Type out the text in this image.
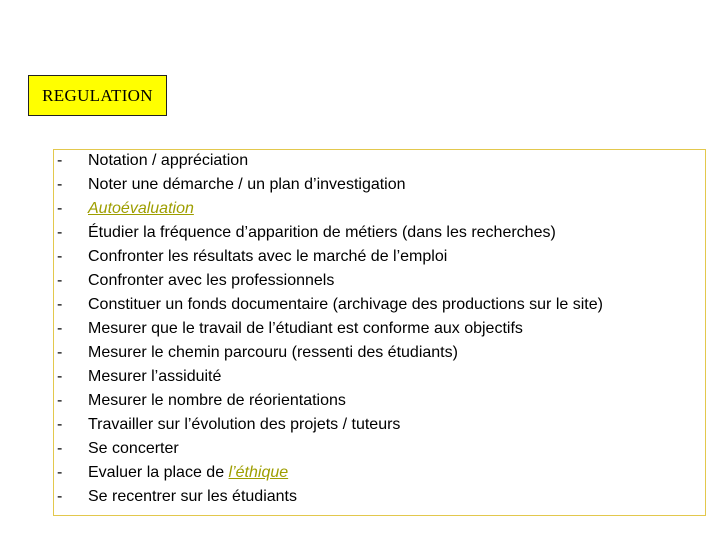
REGULATION
-	Notation / appréciation
-	Noter une démarche / un plan d’investigation
-	Autoévaluation
-	Étudier la fréquence d’apparition de métiers (dans les recherches)
-	Confronter les résultats avec le marché de l’emploi
-	Confronter avec les professionnels
-	Constituer un fonds documentaire (archivage des productions sur le site)
-	Mesurer que le travail de l’étudiant est conforme aux objectifs
-	Mesurer le chemin parcouru (ressenti des étudiants)
-	Mesurer l’assiduité
-	Mesurer le nombre de réorientations
-	Travailler sur l’évolution des projets / tuteurs
-	Se concerter
-	Evaluer la place de l’éthique
-	Se recentrer sur les étudiants
